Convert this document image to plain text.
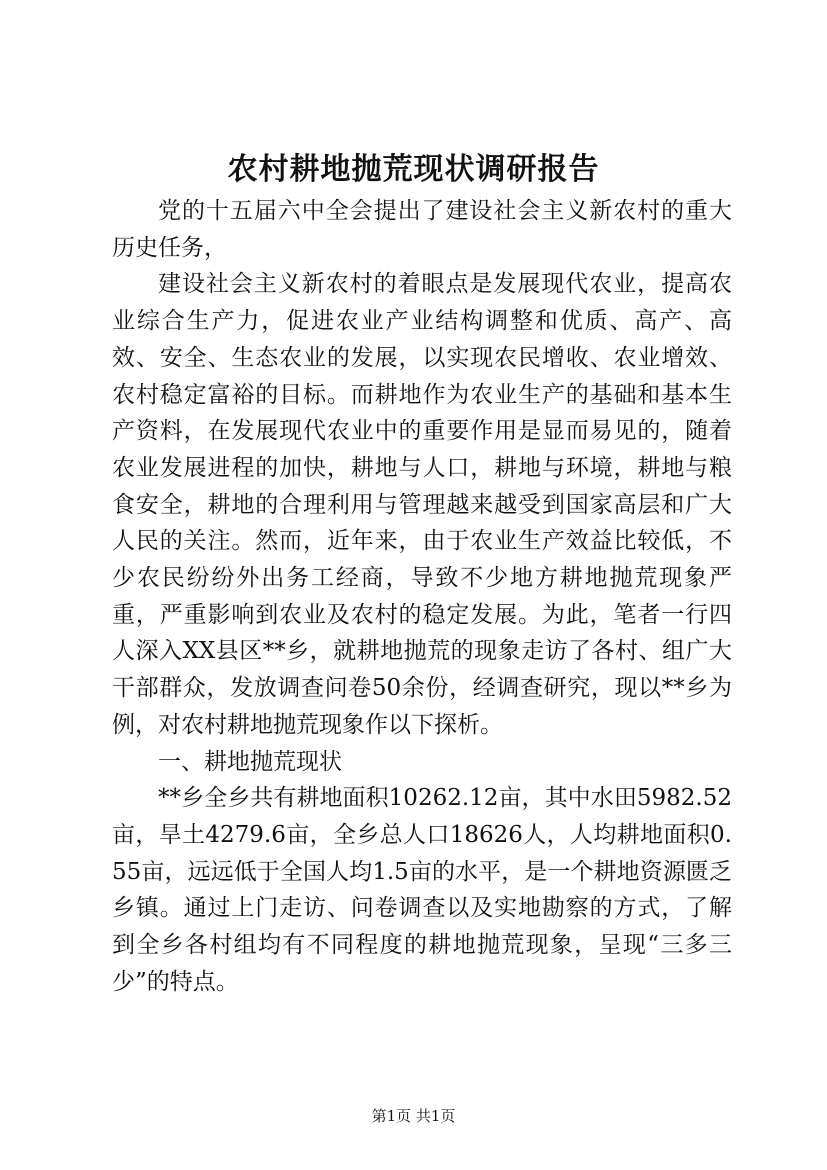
农村耕地抛荒现状调研报告

党的十五届六中全会提出了建设社会主义新农村的重大历史任务，

建设社会主义新农村的着眼点是发展现代农业，提高农业综合生产力，促进农业产业结构调整和优质、高产、高效、安全、生态农业的发展，以实现农民增收、农业增效、农村稳定富裕的目标。而耕地作为农业生产的基础和基本生产资料，在发展现代农业中的重要作用是显而易见的，随着农业发展进程的加快，耕地与人口，耕地与环境，耕地与粮食安全，耕地的合理利用与管理越来越受到国家高层和广大人民的关注。然而，近年来，由于农业生产效益比较低，不少农民纷纷外出务工经商，导致不少地方耕地抛荒现象严重，严重影响到农业及农村的稳定发展。为此，笔者一行四人深入XX县区**乡，就耕地抛荒的现象走访了各村、组广大干部群众，发放调查问卷50余份，经调查研究，现以**乡为例，对农村耕地抛荒现象作以下探析。

一、耕地抛荒现状

**乡全乡共有耕地面积10262.12亩，其中水田5982.52亩，旱土4279.6亩，全乡总人口18626人，人均耕地面积0.55亩，远远低于全国人均1.5亩的水平，是一个耕地资源匮乏乡镇。通过上门走访、问卷调查以及实地勘察的方式，了解到全乡各村组均有不同程度的耕地抛荒现象，呈现“三多三少”的特点。

第1页 共1页
